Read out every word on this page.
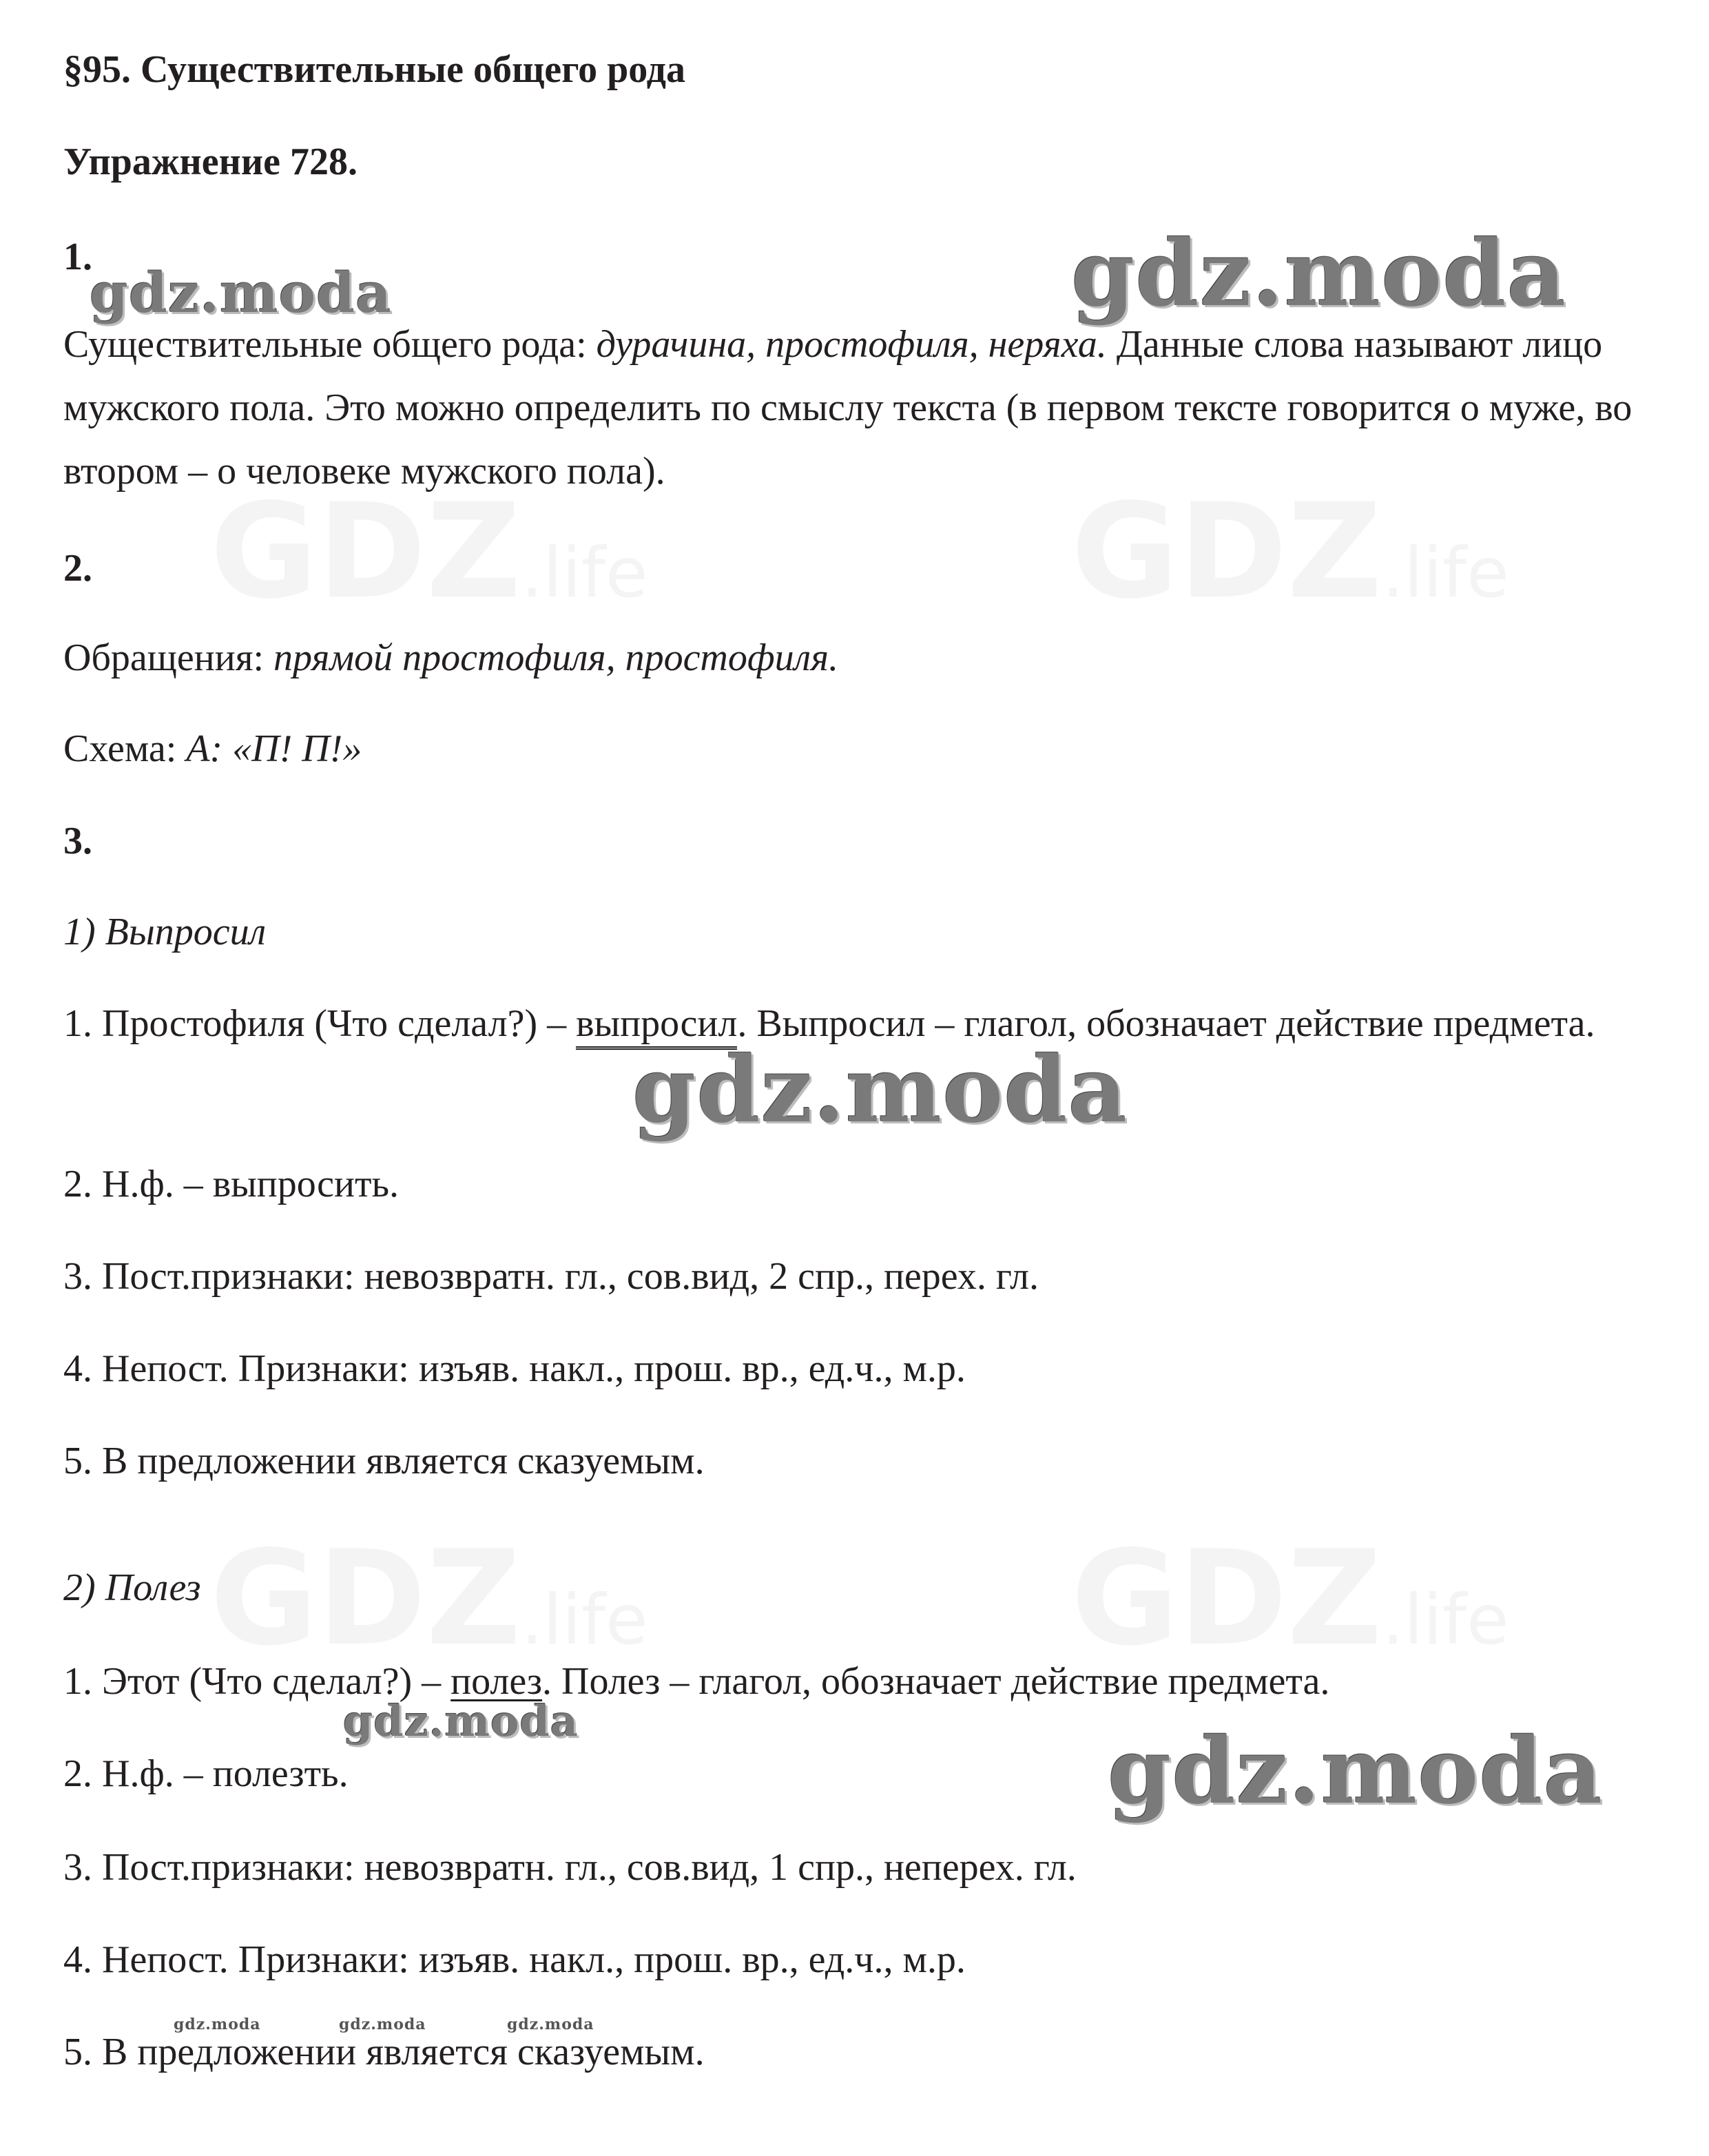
GDZ.life	GDZ.life
GDZ.life	GDZ.life

§95. Существительные общего рода

Упражнение 728.

1.

Существительные общего рода: дурачина, простофиля, неряха. Данные слова называют лицо мужского пола. Это можно определить по смыслу текста (в первом тексте говорится о муже, во втором – о человеке мужского пола).

2.

Обращения: прямой простофиля, простофиля.

Схема: А: «П! П!»

3.

1) Выпросил

1. Простофиля (Что сделал?) – выпросил. Выпросил – глагол, обозначает действие предмета.

2. Н.ф. – выпросить.

3. Пост.признаки: невозвратн. гл., сов.вид, 2 спр., перех. гл.

4. Непост. Признаки: изъяв. накл., прош. вр., ед.ч., м.р.

5. В предложении является сказуемым.

2) Полез

1. Этот (Что сделал?) – полез. Полез – глагол, обозначает действие предмета.

2. Н.ф. – полезть.

3. Пост.признаки: невозвратн. гл., сов.вид, 1 спр., неперех. гл.

4. Непост. Признаки: изъяв. накл., прош. вр., ед.ч., м.р.

5. В предложении является сказуемым.

gdz.moda	gdz.moda
gdz.moda
gdz.moda	gdz.moda
gdz.moda	gdz.moda	gdz.moda
